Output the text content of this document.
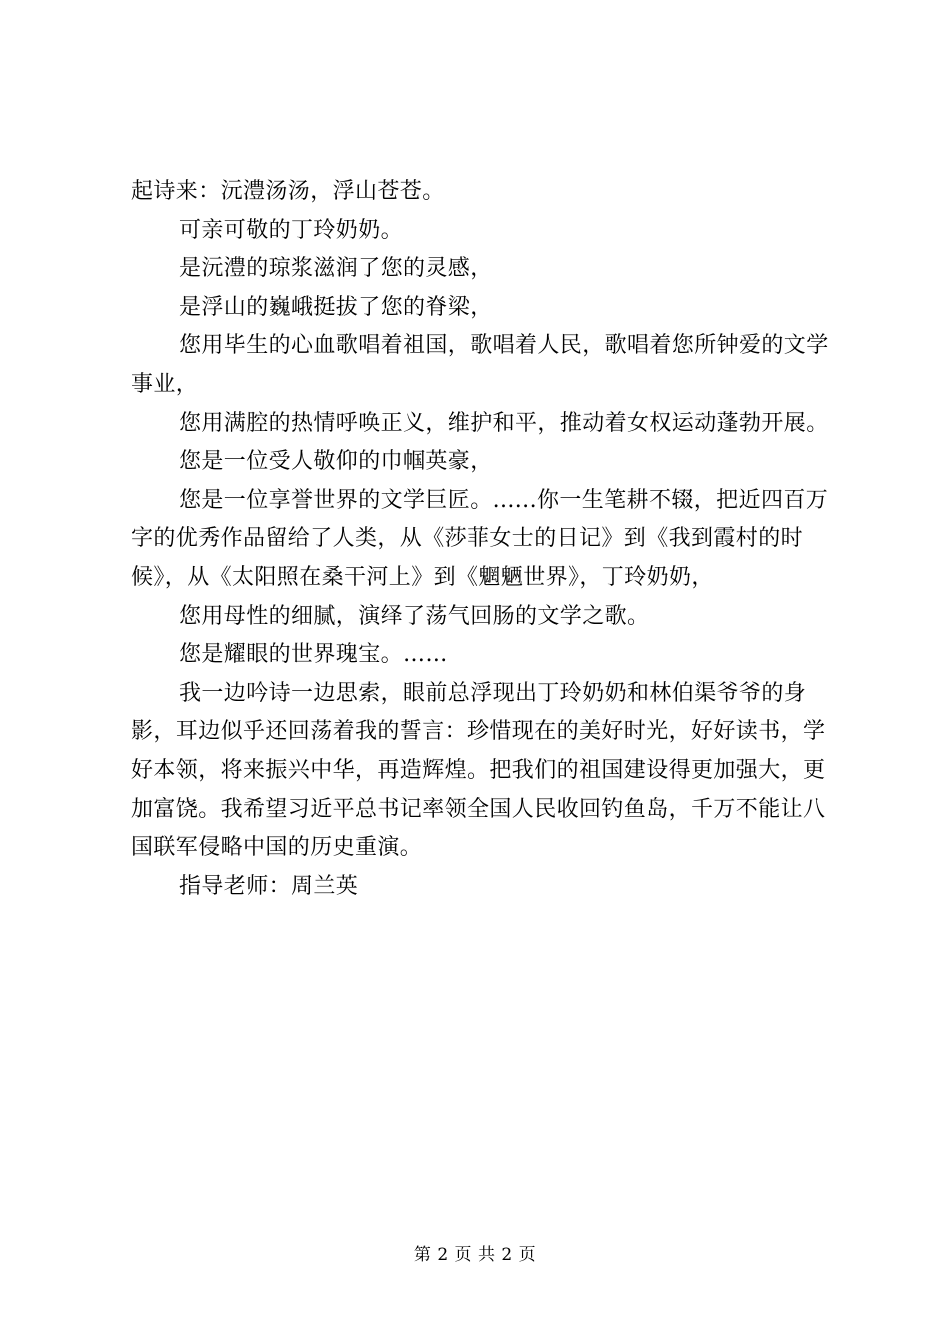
起诗来：沅澧汤汤，浮山苍苍。

可亲可敬的丁玲奶奶。

是沅澧的琼浆滋润了您的灵感，

是浮山的巍峨挺拔了您的脊梁，

您用毕生的心血歌唱着祖国，歌唱着人民，歌唱着您所钟爱的文学事业，

您用满腔的热情呼唤正义，维护和平，推动着女权运动蓬勃开展。

您是一位受人敬仰的巾帼英豪，

您是一位享誉世界的文学巨匠。......你一生笔耕不辍，把近四百万字的优秀作品留给了人类，从《莎菲女士的日记》到《我到霞村的时候》，从《太阳照在桑干河上》到《魍魉世界》，丁玲奶奶，

您用母性的细腻，演绎了荡气回肠的文学之歌。

您是耀眼的世界瑰宝。……

我一边吟诗一边思索，眼前总浮现出丁玲奶奶和林伯渠爷爷的身影，耳边似乎还回荡着我的誓言：珍惜现在的美好时光，好好读书，学好本领，将来振兴中华，再造辉煌。把我们的祖国建设得更加强大，更加富饶。我希望习近平总书记率领全国人民收回钓鱼岛，千万不能让八国联军侵略中国的历史重演。

指导老师：周兰英

第 2 页 共 2 页
